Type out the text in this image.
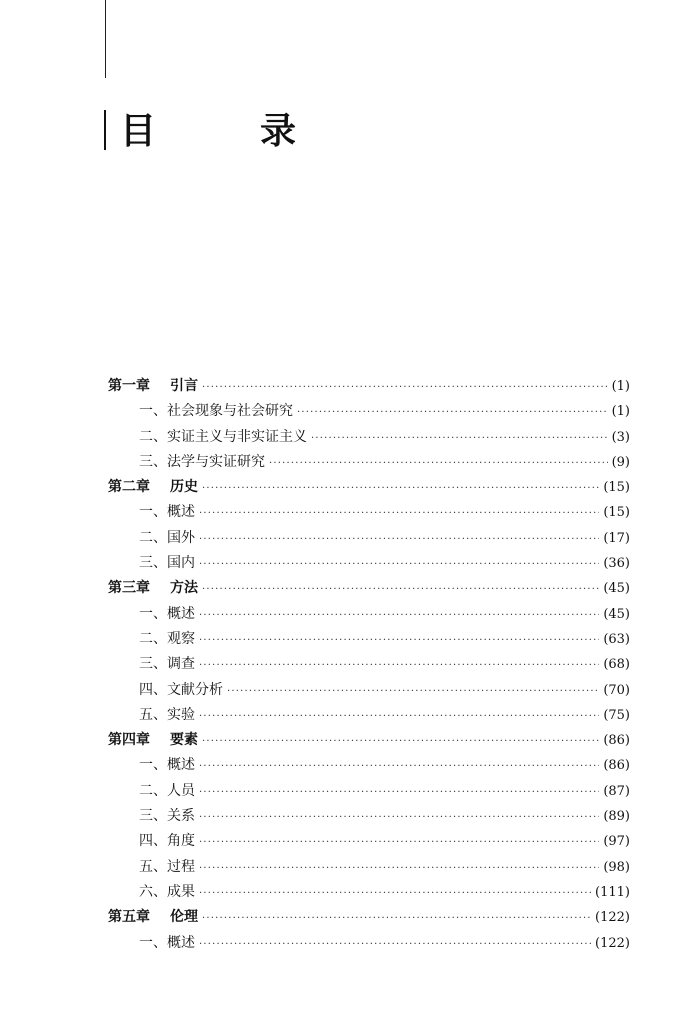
目　录
第一章 引言 ·····	(1)
一、社会现象与社会研究 ·····	(1)
二、实证主义与非实证主义 ·····	(3)
三、法学与实证研究 ·····	(9)
第二章 历史 ·····	(15)
一、概述 ·····	(15)
二、国外 ·····	(17)
三、国内 ·····	(36)
第三章 方法 ·····	(45)
一、概述 ·····	(45)
二、观察 ·····	(63)
三、调查 ·····	(68)
四、文献分析 ·····	(70)
五、实验 ·····	(75)
第四章 要素 ·····	(86)
一、概述 ·····	(86)
二、人员 ·····	(87)
三、关系 ·····	(89)
四、角度 ·····	(97)
五、过程 ·····	(98)
六、成果 ·····	(111)
第五章 伦理 ·····	(122)
一、概述 ·····	(122)
